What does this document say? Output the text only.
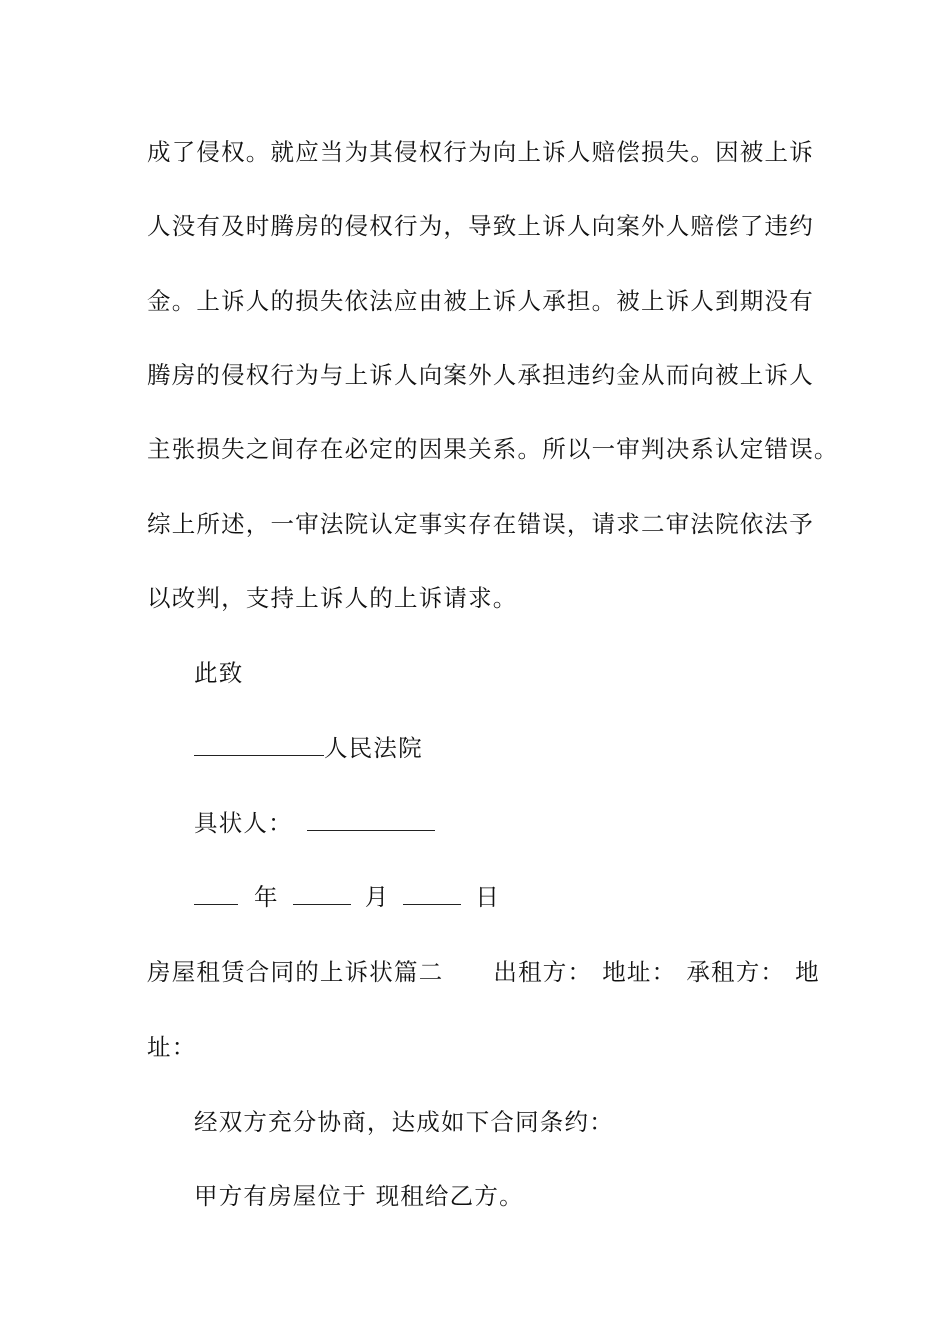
成了侵权。就应当为其侵权行为向上诉人赔偿损失。因被上诉
人没有及时腾房的侵权行为，导致上诉人向案外人赔偿了违约
金。上诉人的损失依法应由被上诉人承担。被上诉人到期没有
腾房的侵权行为与上诉人向案外人承担违约金从而向被上诉人
主张损失之间存在必定的因果关系。所以一审判决系认定错误。
综上所述，一审法院认定事实存在错误，请求二审法院依法予
以改判，支持上诉人的上诉请求。
此致
人民法院
具状人：
年	月	日
房屋租赁合同的上诉状篇二 出租方： 地址： 承租方： 地
址：
经双方充分协商，达成如下合同条约：
甲方有房屋位于 现租给乙方。
